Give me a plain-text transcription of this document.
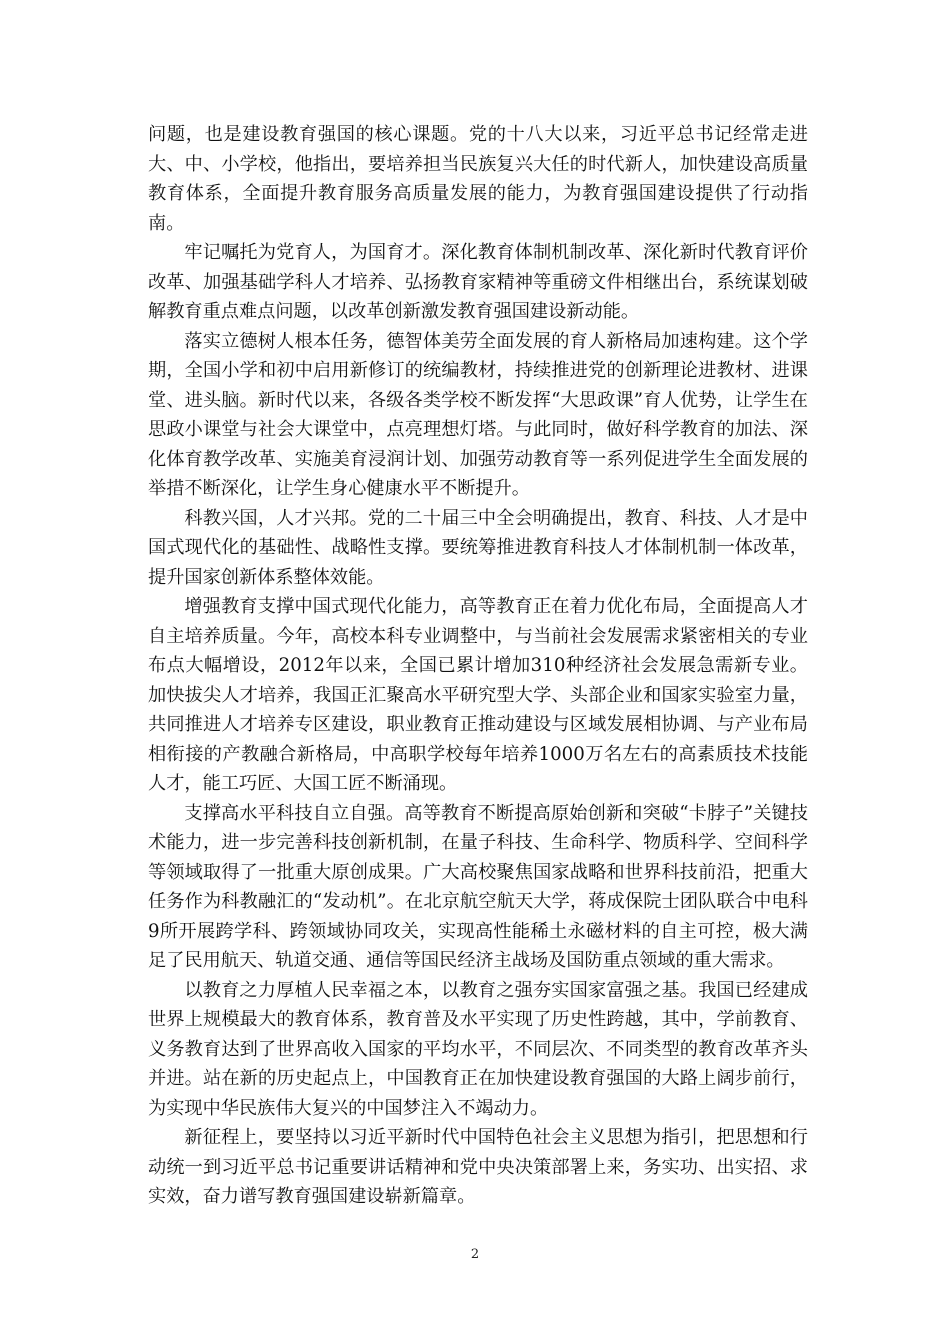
问题，也是建设教育强国的核心课题。党的十八大以来，习近平总书记经常走进大、中、小学校，他指出，要培养担当民族复兴大任的时代新人，加快建设高质量教育体系，全面提升教育服务高质量发展的能力，为教育强国建设提供了行动指南。

牢记嘱托为党育人，为国育才。深化教育体制机制改革、深化新时代教育评价改革、加强基础学科人才培养、弘扬教育家精神等重磅文件相继出台，系统谋划破解教育重点难点问题，以改革创新激发教育强国建设新动能。

落实立德树人根本任务，德智体美劳全面发展的育人新格局加速构建。这个学期，全国小学和初中启用新修订的统编教材，持续推进党的创新理论进教材、进课堂、进头脑。新时代以来，各级各类学校不断发挥“大思政课”育人优势，让学生在思政小课堂与社会大课堂中，点亮理想灯塔。与此同时，做好科学教育的加法、深化体育教学改革、实施美育浸润计划、加强劳动教育等一系列促进学生全面发展的举措不断深化，让学生身心健康水平不断提升。

科教兴国，人才兴邦。党的二十届三中全会明确提出，教育、科技、人才是中国式现代化的基础性、战略性支撑。要统筹推进教育科技人才体制机制一体改革，提升国家创新体系整体效能。

增强教育支撑中国式现代化能力，高等教育正在着力优化布局，全面提高人才自主培养质量。今年，高校本科专业调整中，与当前社会发展需求紧密相关的专业布点大幅增设，2012年以来，全国已累计增加310种经济社会发展急需新专业。加快拔尖人才培养，我国正汇聚高水平研究型大学、头部企业和国家实验室力量，共同推进人才培养专区建设，职业教育正推动建设与区域发展相协调、与产业布局相衔接的产教融合新格局，中高职学校每年培养1000万名左右的高素质技术技能人才，能工巧匠、大国工匠不断涌现。

支撑高水平科技自立自强。高等教育不断提高原始创新和突破“卡脖子”关键技术能力，进一步完善科技创新机制，在量子科技、生命科学、物质科学、空间科学等领域取得了一批重大原创成果。广大高校聚焦国家战略和世界科技前沿，把重大任务作为科教融汇的“发动机”。在北京航空航天大学，蒋成保院士团队联合中电科9所开展跨学科、跨领域协同攻关，实现高性能稀土永磁材料的自主可控，极大满足了民用航天、轨道交通、通信等国民经济主战场及国防重点领域的重大需求。

以教育之力厚植人民幸福之本，以教育之强夯实国家富强之基。我国已经建成世界上规模最大的教育体系，教育普及水平实现了历史性跨越，其中，学前教育、义务教育达到了世界高收入国家的平均水平，不同层次、不同类型的教育改革齐头并进。站在新的历史起点上，中国教育正在加快建设教育强国的大路上阔步前行，为实现中华民族伟大复兴的中国梦注入不竭动力。

新征程上，要坚持以习近平新时代中国特色社会主义思想为指引，把思想和行动统一到习近平总书记重要讲话精神和党中央决策部署上来，务实功、出实招、求实效，奋力谱写教育强国建设崭新篇章。

2
